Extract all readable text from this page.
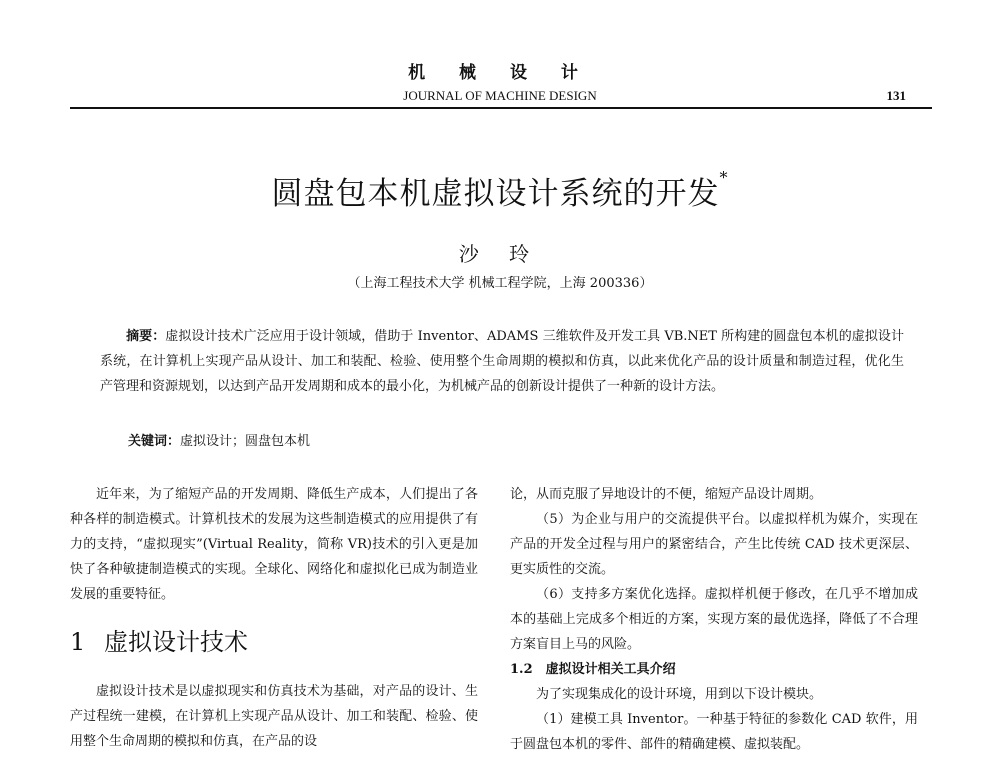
机 械 设 计
JOURNAL OF MACHINE DESIGN	131
圆盘包本机虚拟设计系统的开发*
沙 玲
（上海工程技术大学 机械工程学院，上海 200336）
摘要：虚拟设计技术广泛应用于设计领域，借助于 Inventor、ADAMS 三维软件及开发工具 VB.NET 所构建的圆盘包本机的虚拟设计系统，在计算机上实现产品从设计、加工和装配、检验、使用整个生命周期的模拟和仿真，以此来优化产品的设计质量和制造过程，优化生产管理和资源规划，以达到产品开发周期和成本的最小化，为机械产品的创新设计提供了一种新的设计方法。
关键词：虚拟设计；圆盘包本机

近年来，为了缩短产品的开发周期、降低生产成本，人们提出了各种各样的制造模式。计算机技术的发展为这些制造模式的应用提供了有力的支持，“虚拟现实”(Virtual Reality，简称 VR)技术的引入更是加快了各种敏捷制造模式的实现。全球化、网络化和虚拟化已成为制造业发展的重要特征。

1 虚拟设计技术

虚拟设计技术是以虚拟现实和仿真技术为基础，对产品的设计、生产过程统一建模，在计算机上实现产品从设计、加工和装配、检验、使用整个生命周期的模拟和仿真，在产品的设

论，从而克服了异地设计的不便，缩短产品设计周期。

（5）为企业与用户的交流提供平台。以虚拟样机为媒介，实现在产品的开发全过程与用户的紧密结合，产生比传统 CAD 技术更深层、更实质性的交流。

（6）支持多方案优化选择。虚拟样机便于修改，在几乎不增加成本的基础上完成多个相近的方案，实现方案的最优选择，降低了不合理方案盲目上马的风险。

1.2　虚拟设计相关工具介绍

为了实现集成化的设计环境，用到以下设计模块。

（1）建模工具 Inventor。一种基于特征的参数化 CAD 软件，用于圆盘包本机的零件、部件的精确建模、虚拟装配。
